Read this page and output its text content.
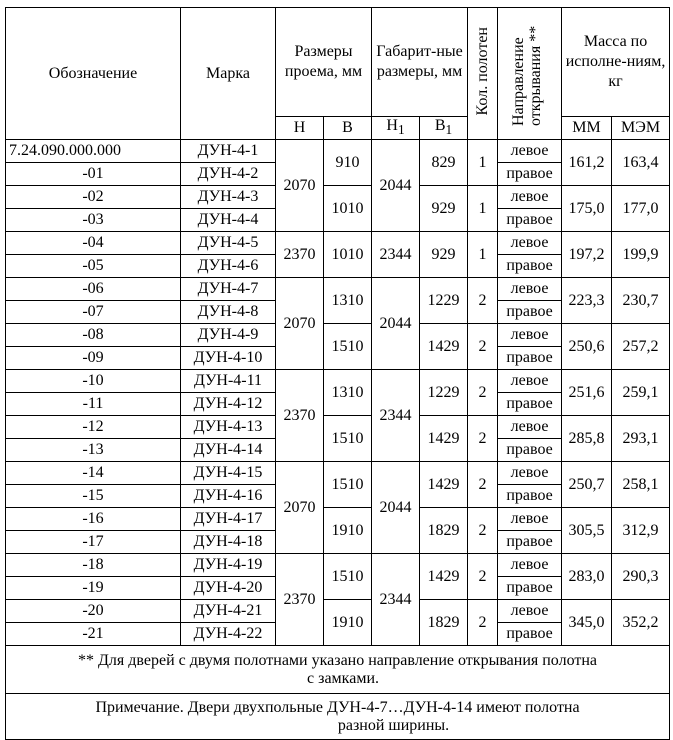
Обозначение	Марка	Размеры проема, мм		Габарит-ные размеры, мм		Кол. полотен	Направление открывания **	Масса по исполне-ниям, кг	
		H	B	$H_1$	$B_1$			ММ	МЭМ
7.24.090.000.000	ДУН-4-1	2070	910	2044	829	1	левое	161,2	163,4
-01	ДУН-4-2						правое		
-02	ДУН-4-3		1010		929	1	левое	175,0	177,0
-03	ДУН-4-4						правое		
-04	ДУН-4-5	2370	1010	2344	929	1	левое	197,2	199,9
-05	ДУН-4-6						правое		
-06	ДУН-4-7	2070	1310	2044	1229	2	левое	223,3	230,7
-07	ДУН-4-8						правое		
-08	ДУН-4-9		1510		1429	2	левое	250,6	257,2
-09	ДУН-4-10						правое		
-10	ДУН-4-11	2370	1310	2344	1229	2	левое	251,6	259,1
-11	ДУН-4-12						правое		
-12	ДУН-4-13		1510		1429	2	левое	285,8	293,1
-13	ДУН-4-14						правое		
-14	ДУН-4-15	2070	1510	2044	1429	2	левое	250,7	258,1
-15	ДУН-4-16						правое		
-16	ДУН-4-17		1910		1829	2	левое	305,5	312,9
-17	ДУН-4-18						правое		
-18	ДУН-4-19	2370	1510	2344	1429	2	левое	283,0	290,3
-19	ДУН-4-20						правое		
-20	ДУН-4-21		1910		1829	2	левое	345,0	352,2
-21	ДУН-4-22						правое		
** Для дверей с двумя полотнами указано направление открывания полотна
с замками.									

Примечание. Двери двухпольные ДУН-4-7…ДУН-4-14 имеют полотна
разной ширины.									
